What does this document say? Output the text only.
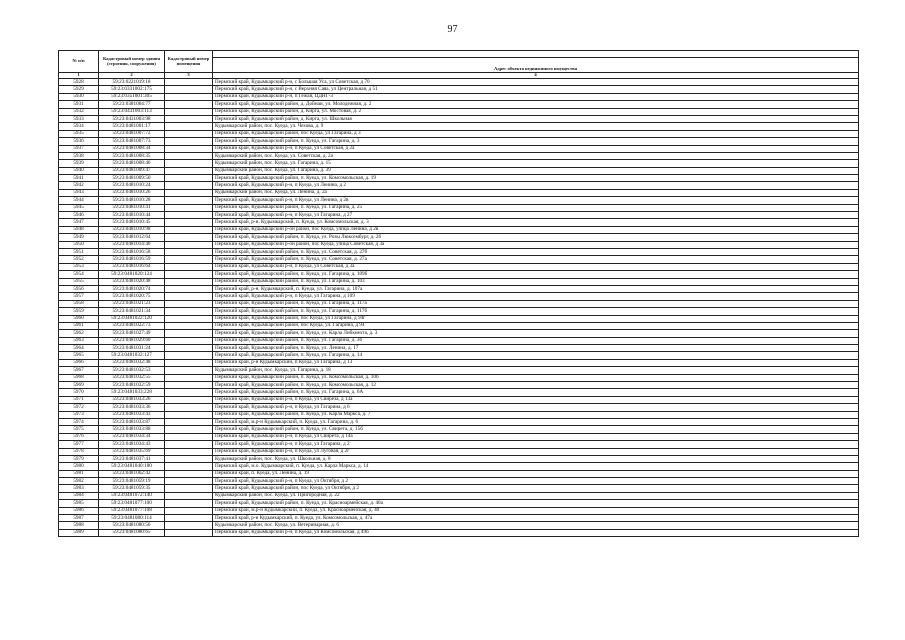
97
№ п/п	Кадастровый номер здания (строения, сооружения)	Кадастровый номер помещения	
			Адрес объекта недвижимого имущества
1	2	3	4
5928	59:23:0221019:18		Пермский край, Кудымкарский р-н, с Большая Уса, ул Советская, д 70
5929	59:23:0331002:175		Пермский край, Кудымкарский р-н, с Верхняя Сава, ул Центральная, д 51
5930	59:23:0351001:305		Пермский край, Кудымкарский р-н, п Гежая, ЦДНГ-3
5931	59:23:0381004:77		Пермский край, Кудымкарский район, д. Дойнаи, ул. Молодежная, д. 2
5932	59:23:0431003:113		Пермский край, Кудымкарский район, д. Кирга, ул. Мостовая, д. 2
5933	59:23:0431003:98		Пермский край, Кудымкарский район, д. Кирга, ул. Школьная
5934	59:23:0481001:17		Кудымкарский район, пос. Куеда, ул. Чехова, д. 9
5935	59:23:0481007:72		Пермский край, Кудымкарский район, пос Куеда, ул Гагарина, д 3
5936	59:23:0481007:73		Пермский край, Кудымкарский район, п. Куеда, ул. Гагарина, д. 3
5937	59:23:0481008:34		Пермский край, Кудымкарский р-н, п Куеда, ул Советская, д 2а
5938	59:23:0481008:35		Кудымкарский район, пос. Куеда, ул. Советская, д. 2а
5939	59:23:0481008:46		Кудымкарский район, пос. Куеда, ул. Гагарина, д. 15
5940	59:23:0481009:47		Кудымкарский район, пос. Куеда, ул. Гагарина, д. 39
5941	59:23:0481009:50		Пермский край, Кудымкарский район, п. Куеда, ул. Комсомольская, д. 19
5942	59:23:0481010:24		Пермский край, Кудымкарский р-н, п Куеда, ул Ленина, д 2
5943	59:23:0481010:26		Кудымкарский район, пос. Куеда, ул. Ленина, д. 2а
5944	59:23:0481010:28		Пермский край, Кудымкарский р-н, п Куеда, ул Ленина, д 2в
5945	59:23:0481010:41		Пермский край, Кудымкарский район, п. Куеда, ул. Гагарина, д. 25
5946	59:23:0481010:44		Пермский край, Кудымкарский р-н, п Куеда, ул Гагарина, д 27
5947	59:23:0481010:45		Пермский край, р-н. Кудымкарский, п. Куеда, ул. Комсомольская, д. 3
5948	59:23:0481010:98		Пермский край, Кудымкарский р-он район, пос Куеда, улица Ленина, д 2в
5949	59:23:0481012:64		Пермский край, Кудымкарский район, п. Куеда, ул. Розы Люксембург, д. 26
5950	59:23:0481014:40		Пермский край, Кудымкарский р-он район, пос Куеда, улица Советская, д 3а
5951	59:23:0481016:58		Пермский край, Кудымкарский район, п. Куеда, ул. Советская, д. 27б
5952	59:23:0481016:59		Пермский край, Кудымкарский район, п. Куеда, ул. Советская, д. 27а
5953	59:23:0481016:64		Пермский край, Кудымкарский р-н, п Куеда, ул Советская, д 3а
5954	59:23:0481020:124		Пермский край, Кудымкарский район, п. Куеда, ул. Гагарина, д. 109б
5955	59:23:0481020:48		Пермский край, Кудымкарский район, п. Куеда, ул. Гагарина, д. 103
5956	59:23:0481020:74		Пермский край, р-н. Кудымкарский, п. Куеда, ул. Гагарина, д. 107а
5957	59:23:0481020:75		Пермский край, Кудымкарский р-н, п Куеда, ул Гагарина, д 109
5958	59:23:0481021:23		Пермский край, Кудымкарский район, п. Куеда, ул. Гагарина, д. 117а
5959	59:23:0481021:34		Пермский край, Кудымкарский район, п. Куеда, ул. Гагарина, д. 117б
5960	59:23:0481022:120		Пермский край, Кудымкарский район, пос Куеда, ул Гагарина, д 94г
5961	59:23:0481022:73		Пермский край, Кудымкарский район, пос Куеда, ул. Гагарина, д 94
5962	59:23:0481027:49		Пермский край, Кудымкарский район, п. Куеда, ул. Карла Либкнехта, д. 3
5963	59:23:0481029:60		Пермский край, Кудымкарский район, п. Куеда, ул. Гагарина, д. 36
5964	59:23:0481031:24		Пермский край, Кудымкарский район, п. Куеда, ул. Ленина, д. 17
5965	59:23:0481032:127		Пермский край, Кудымкарский район, п. Куеда, ул. Гагарина, д. 14
5966	59:23:0481032:48		Пермский край, р-н Кудымкарский, п Куеда, ул Гагарина, д 13
5967	59:23:0481032:53		Кудымкарский район, пос. Куеда, ул. Гагарина, д. 18
5968	59:23:0481032:55		Пермский край, Кудымкарский район, п. Куеда, ул. Комсомольская, д. 10б
5969	59:23:0481032:59		Пермский край, Кудымкарский район, п. Куеда, ул. Комсомольская, д. 12
5970	59:23:0481033:228		Пермский край, Кудымкарский район, п. Куеда, ул. Гагарина, д. 6А
5971	59:23:0481033:26		Пермский край, Кудымкарский р-н, п Куеда, ул Свиреза, д 13а
5972	59:23:0481033:36		Пермский край, Кудымкарский р-н, п Куеда, ул Гагарина, д 6
5973	59:23:0481033:43		Пермский край, Кудымкарский район, п. Куеда, ул. Карла Маркса, д. 7
5974	59:23:0481033:87		Пермский край, м.р-н Кудымкарский, п. Куеда, ул. Гагарина, д. 6
5975	59:23:0481033:88		Пермский край, Кудымкарский район, п. Куеда, ул. Свирета, д. 15б
5976	59:23:0481034:34		Пермский край, Кудымкарский р-н, п Куеда, ул Свирета, д 14а
5977	59:23:0481034:43		Пермский край, Кудымкарский р-н, п Куеда, ул Гагарина, д 2
5978	59:23:0481035:69		Пермский край, Кудымкарский р-н, п Куеда, ул Луговая, д 2г
5979	59:23:0481037:41		Кудымкарский район, пос. Куеда, ул. Школьная, д. 8
5980	59:23:0481040:180		Пермский край, м.о. Кудымкарский, п. Куеда, ул. Карла Маркса, д. 14
5981	59:23:0481062:42		Пермский край, п. Куеда, ул. Ленина, д. 19
5982	59:23:0481059:19		Пермский край, Кудымкарский р-н, п Куеда, ул Октября, д 2
5983	59:23:0481059:35		Пермский край, Кудымкарский район, пос Куеда, ул Октября, д 2
5984	59:23:0481072:140		Кудымкарский район, пос. Куеда, ул. Пригородная, д. 22
5985	59:23:0481077:100		Пермский край, Кудымкарский район, п. Куеда, ул. Красноармейская, д. 40а
5986	59:23:0481077:108		Пермский край, м.р-н Кудымкарский, п. Куеда, ул. Красноармейская, д. 40
5987	59:23:0481080:114		Пермский край, р-н Кудымкарский, п. Куеда, ул. Комсомольская, д. 47а
5988	59:23:0481080:56		Кудымкарский район, пос. Куеда, ул. Ветеринарная, д. 6
5989	59:23:0481080:65		Пермский край, Кудымкарский р-н, п Куеда, ул Комсомольская, д 49б
